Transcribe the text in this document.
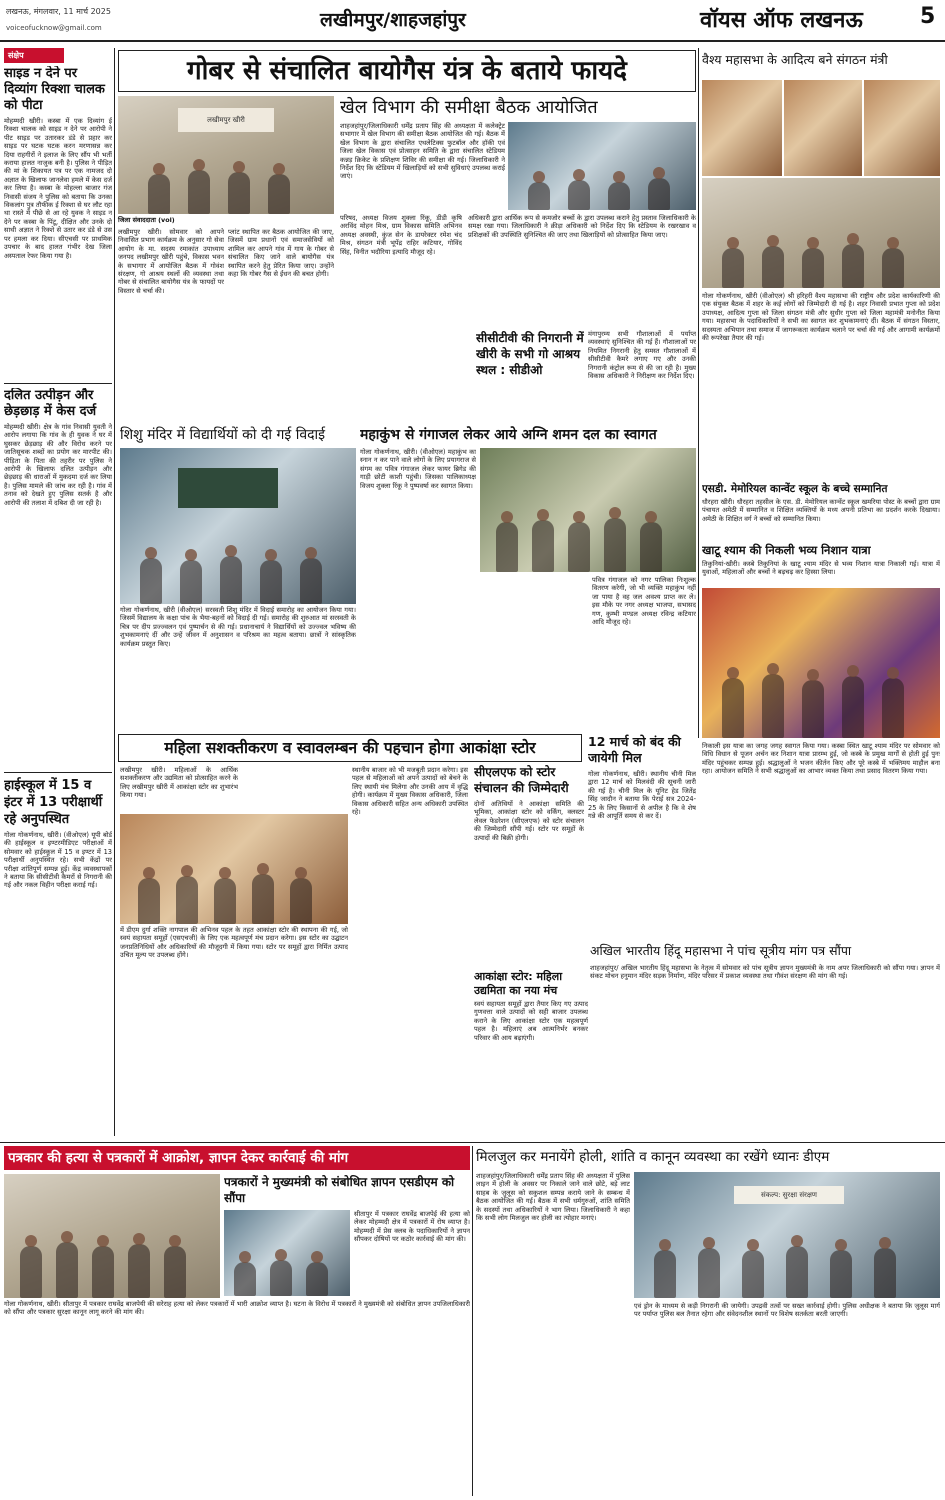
लखनऊ, मंगलवार, 11 मार्च 2025
voiceofucknow@gmail.com	लखीमपुर/शाहजहांपुर	वॉयस ऑफ लखनऊ	5
संक्षेप
साइड न देने पर दिव्यांग रिक्शा चालक को पीटा
मोहम्मदी खीरी। कस्बा में एक दिव्यांग ई रिक्शा चालक को साइड न देने पर आरोपी ने पीट साइड पर उतारकर डंडे से प्रहार कर साइड पर घटक घटक करन मरणासन्न कर दिया राहगीरों ने इलाज के लिए सौंप भी भर्ती कराया हालत नाजुक बनी है। पुलिस ने पीड़ित की मां के शिकायत पत्र पर एक नामजद दो अज्ञात के खिलाफ जानलेवा हमले में केस दर्ज कर लिया है। कस्बा के मोहल्ला बाजार गंज निवासी संजय ने पुलिस को बताया कि उनका विकलांग पुत्र तौफीक ई रिक्शा से घर लौट रहा था रास्ते में पीछे से आ रहे युवक ने साइड न देने पर कस्बा के पिंटू, दीक्षित और उनके दो साथी अज्ञात ने रिक्शे से उतार कर डंडे से उस पर हमला कर दिया। सीएचसी पर प्राथमिक उपचार के बाद हालत गंभीर देख जिला अस्पताल रेफर किया गया है।
दलित उत्पीड़न और छेड़छाड़ में केस दर्ज
मोहम्मदी खीरी। क्षेत्र के गांव निवासी युवती ने आरोप लगाया कि गांव के ही युवक ने घर में घुसकर छेड़छाड़ की और विरोध करने पर जातिसूचक शब्दों का प्रयोग कर मारपीट की। पीड़िता के पिता की तहरीर पर पुलिस ने आरोपी के खिलाफ दलित उत्पीड़न और छेड़छाड़ की धाराओं में मुकदमा दर्ज कर लिया है। पुलिस मामले की जांच कर रही है। गांव में तनाव को देखते हुए पुलिस सतर्क है और आरोपी की तलाश में दबिश दी जा रही है।
हाईस्कूल में 15 व इंटर में 13 परीक्षार्थी रहे अनुपस्थित
गोला गोकर्णनाथ, खीरी। (वीओएल) यूपी बोर्ड की हाईस्कूल व इण्टरमीडिएट परीक्षाओं में सोमवार को हाईस्कूल में 15 व इण्टर में 13 परीक्षार्थी अनुपस्थित रहे। सभी केंद्रों पर परीक्षा शांतिपूर्ण सम्पन्न हुई। केंद्र व्यवस्थापकों ने बताया कि सीसीटीवी कैमरों से निगरानी की गई और नकल विहीन परीक्षा कराई गई।
गोबर से संचालित बायोगैस यंत्र के बताये फायदे
लखीमपुर खीरी
जिला संवाददाता (vol)
लखीमपुर खीरी। सोमवार को आपने निवासित प्रभाग कार्यक्रम के अनुसार गो सेवा आयोग के मा. सदस्य रमाकांत उपाध्याय जनपद लखीमपुर खीरी पहुंचे, विकास भवन के सभागार में आयोजित बैठक में गोवंश संरक्षण, गो आश्रय स्थलों की व्यवस्था तथा गोबर से संचालित बायोगैस यंत्र के फायदों पर विस्तार से चर्चा की।
प्लांट स्थापित कर बैठक आयोजित की जाए, जिसमें ग्राम प्रधानों एवं समाजसेवियों को शामिल कर आपने गांव में गाय के गोबर से संचालित किए जाने वाले बायोगैस यंत्र स्थापित करने हेतु प्रेरित किया जाए। उन्होंने कहा कि गोबर गैस से ईंधन की बचत होगी।
खेल विभाग की समीक्षा बैठक आयोजित
शाहजहांपुर/जिलाधिकारी धर्मेंद्र प्रताप सिंह की अध्यक्षता में कलेक्ट्रेट सभागार में खेल विभाग की समीक्षा बैठक आयोजित की गई। बैठक में खेल विभाग के द्वारा संचालित एथलेटिक्स फुटबॉल और हॉकी एवं जिला खेल विकास एवं प्रोत्साहन समिति के द्वारा संचालित स्टेडियम कन्नड़ क्रिकेट के प्रशिक्षण शिविर की समीक्षा की गई। जिलाधिकारी ने निर्देश दिए कि स्टेडियम में खिलाड़ियों को सभी सुविधाएं उपलब्ध कराई जाएं।
परिषद, अध्यक्ष विजय शुक्ला रिंकू, डीडी कृषि अरविंद मोहन मिश्र, ग्राम विकास समिति अभिनव अध्यक्ष अवस्थी, कुंज सेन के डायरेक्टर रमेश चंद मिश्र, संगठन मंत्री भूपेंद्र राहिर कटियार, गोविंद सिंह, विनीत भदौरिया इत्यादि मौजूद रहे।
अधिकारी द्वारा आर्थिक रूप से कमजोर बच्चों के द्वारा उपलब्ध कराने हेतु प्रस्ताव जिलाधिकारी के समक्ष रखा गया। जिलाधिकारी ने क्रीड़ा अधिकारी को निर्देश दिए कि स्टेडियम के रखरखाव व प्रशिक्षकों की उपस्थिति सुनिश्चित की जाए तथा खिलाड़ियों को प्रोत्साहित किया जाए।
सीसीटीवी की निगरानी में खीरी के सभी गो आश्रय स्थल : सीडीओ
मंगापुरम्य सभी गौशालाओं में पर्याप्त व्यवस्थाएं सुनिश्चित की गई हैं। गौशालाओं पर नियमित निगरानी हेतु समस्त गौशालाओं में सीसीटीवी कैमरे लगाए गए और उनकी निगरानी कंट्रोल रूम से की जा रही है। मुख्य विकास अधिकारी ने निरीक्षण कर निर्देश दिए।
वैश्य महासभा के आदित्य बने संगठन मंत्री
गोला गोकर्णनाथ, खीरी (वीओएल) श्री हरिहरी वैश्य महासभा की राष्ट्रीय और प्रदेश कार्यकारिणी की एक संयुक्त बैठक में शहर के कई लोगों को जिम्मेदारी दी गई है। शहर निवासी प्रभात गुप्ता को प्रदेश उपाध्यक्ष, आदित्य गुप्ता को जिला संगठन मंत्री और सुधीर गुप्ता को जिला महामंत्री मनोनीत किया गया। महासभा के पदाधिकारियों ने सभी का स्वागत कर शुभकामनाएं दीं। बैठक में संगठन विस्तार, सदस्यता अभियान तथा समाज में जागरूकता कार्यक्रम चलाने पर चर्चा की गई और आगामी कार्यक्रमों की रूपरेखा तैयार की गई।
एसडी. मेमोरियल कान्वेंट स्कूल के बच्चे सम्मानित
धौरहरा खीरी। धौरहरा तहसील के एस. डी. मेमोरियल कान्वेंट स्कूल खमरिया पोस्ट के बच्चों द्वारा ग्राम पंचायत अमेठी में सम्मानित व शिक्षित व्यक्तियों के मध्य अपनी प्रतिभा का प्रदर्शन करके दिखाया। अमेठी के शिक्षित वर्ग ने बच्चों को सम्मानित किया।
खाटू श्याम की निकली भव्य निशान यात्रा
तिकुनियां-खीरी। कस्बे तिकुनियां के खाटू श्याम मंदिर से भव्य निशान यात्रा निकाली गई। यात्रा में युवाओं, महिलाओं और बच्चों ने बढ़चढ़ कर हिस्सा लिया।
शिशु मंदिर में विद्यार्थियों को दी गई विदाई
गोला गोकर्णनाथ, खीरी (वीओएल) सरस्वती शिशु मंदिर में विदाई समारोह का आयोजन किया गया। जिसमें विद्यालय के कक्षा पांच के भैया-बहनों को विदाई दी गई। समारोह की शुरुआत मां सरस्वती के चित्र पर दीप प्रज्ज्वलन एवं पुष्पार्चन से की गई। प्रधानाचार्य ने विद्यार्थियों को उज्ज्वल भविष्य की शुभकामनाएं दीं और उन्हें जीवन में अनुशासन व परिश्रम का महत्व बताया। छात्रों ने सांस्कृतिक कार्यक्रम प्रस्तुत किए।
महाकुंभ से गंगाजल लेकर आये अग्नि शमन दल का स्वागत
गोला गोकर्णनाथ, खीरी। (वीओएल) महाकुंभ का स्नान न कर पाने वाले लोगों के लिए प्रयागराज से संगम का पवित्र गंगाजल लेकर फायर ब्रिगेड की गाड़ी छोटी काशी पहुंची। जिसका पालिकाध्यक्ष विजय शुक्ला रिंकू ने पुष्पवर्षा कर स्वागत किया।
पवित्र गंगाजल को नगर पालिका निःशुल्क वितरण करेगी, जो भी व्यक्ति महाकुंभ नहीं जा पाया है वह जल अवश्य प्राप्त कर ले। इस मौके पर नगर अध्यक्ष भाजपा, सभासद गण, कुम्भी मण्डल अध्यक्ष रविन्द्र कटियार आदि मौजूद रहे।
निकाली इस यात्रा का जगह जगह स्वागत किया गया। कस्बा स्थित खाटू श्याम मंदिर पर सोमवार को विधि विधान से पूजन अर्चन कर निशान यात्रा प्रारम्भ हुई, जो कस्बे के प्रमुख मार्गों से होती हुई पुनः मंदिर पहुंचकर सम्पन्न हुई। श्रद्धालुओं ने भजन कीर्तन किए और पूरे कस्बे में भक्तिमय माहौल बना रहा। आयोजन समिति ने सभी श्रद्धालुओं का आभार व्यक्त किया तथा प्रसाद वितरण किया गया।
महिला सशक्तीकरण व स्वावलम्बन की पहचान होगा आकांक्षा स्टोर
लखीमपुर खीरी। महिलाओं के आर्थिक सशक्तीकरण और उद्यमिता को प्रोत्साहित करने के लिए लखीमपुर खीरी में आकांक्षा स्टोर का शुभारंभ किया गया।
में डीएम दुर्गा शक्ति नागपाल की अभिनव पहल के तहत आकांक्षा स्टोर की स्थापना की गई, जो स्वयं सहायता समूहों (एसएचजी) के लिए एक महत्वपूर्ण मंच प्रदान करेगा। इस स्टोर का उद्घाटन जनप्रतिनिधियों और अधिकारियों की मौजूदगी में किया गया। स्टोर पर समूहों द्वारा निर्मित उत्पाद उचित मूल्य पर उपलब्ध होंगे।
स्थानीय बाजार को भी मजबूती प्रदान करेगा। इस पहल से महिलाओं को अपने उत्पादों को बेचने के लिए स्थायी मंच मिलेगा और उनकी आय में वृद्धि होगी। कार्यक्रम में मुख्य विकास अधिकारी, जिला विकास अधिकारी सहित अन्य अधिकारी उपस्थित रहे।
12 मार्च को बंद की जायेगी मिल
गोला गोकर्णनाथ, खीरी। स्थानीय चीनी मिल द्वारा 12 मार्च को मिलवंदी की सूचनी जारी की गई है। चीनी मिल के यूनिट हेड जितेंद्र सिंह जादौन ने बताया कि पेराई सत्र 2024-25 के लिए किसानों से अपील है कि वे शेष गन्ने की आपूर्ति समय से कर दें।
सीएलएफ को स्टोर संचालन की जिम्मेदारी
दोनों अतिथियों ने आकांक्षा समिति की भूमिका, आकांक्षा स्टोर को वर्किंग, क्लस्टर लेवल फेडरेशन (सीएलएफ) को स्टोर संचालन की जिम्मेदारी सौंपी गई। स्टोर पर समूहों के उत्पादों की बिक्री होगी।
आकांक्षा स्टोर: महिला उद्यमिता का नया मंच
स्वयं सहायता समूहों द्वारा तैयार किए गए उत्पाद गुणवत्ता वाले उत्पादों को सही बाजार उपलब्ध कराने के लिए आकांक्षा स्टोर एक महत्वपूर्ण पहल है। महिलाएं अब आत्मनिर्भर बनकर परिवार की आय बढ़ाएंगी।
अखिल भारतीय हिंदू महासभा ने पांच सूत्रीय मांग पत्र सौंपा
शाहजहांपुर/ अखिल भारतीय हिंदू महासभा के नेतृत्व में सोमवार को पांच सूत्रीय ज्ञापन मुख्यमंत्री के नाम अपर जिलाधिकारी को सौंपा गया। ज्ञापन में संकट मोचन हनुमान मंदिर सड़क निर्माण, मंदिर परिसर में प्रकाश व्यवस्था तथा गौवंश संरक्षण की मांग की गई।
पत्रकार की हत्या से पत्रकारों में आक्रोश, ज्ञापन देकर कार्रवाई की मांग
पत्रकारों ने मुख्यमंत्री को संबोधित ज्ञापन एसडीएम को सौंपा
सीतापुर में पत्रकार राघवेंद्र बाजपेई की हत्या को लेकर मोहम्मदी क्षेत्र में पत्रकारों में रोष व्याप्त है। मोहम्मदी में प्रेस क्लब के पदाधिकारियों ने ज्ञापन सौंपकर दोषियों पर कठोर कार्रवाई की मांग की।
गोला गोकर्णनाथ, खीरी। सीतापुर में पत्रकार राघवेंद्र बाजपेयी की सरेराह हत्या को लेकर पत्रकारों में भारी आक्रोश व्याप्त है। घटना के विरोध में पत्रकारों ने मुख्यमंत्री को संबोधित ज्ञापन उपजिलाधिकारी को सौंपा और पत्रकार सुरक्षा कानून लागू करने की मांग की।
मिलजुल कर मनायेंगे होली, शांति व कानून व्यवस्था का रखेंगे ध्यानः डीएम
शाहजहांपुर/जिलाधिकारी धर्मेंद्र प्रताप सिंह की अध्यक्षता में पुलिस लाइन में होली के अवसर पर निकाले जाने वाले छोटे, बड़े लाट साहब के जुलूस को सकुशल सम्पन्न कराये जाने के सम्बन्ध में बैठक आयोजित की गई। बैठक में सभी धर्मगुरुओं, शांति समिति के सदस्यों तथा अधिकारियों ने भाग लिया। जिलाधिकारी ने कहा कि सभी लोग मिलजुल कर होली का त्योहार मनाएं।
संकल्प: सुरक्षा संरक्षण
एवं ड्रोन के माध्यम से कड़ी निगरानी की जायेगी। उपद्रवी तत्वों पर सख्त कार्रवाई होगी। पुलिस अधीक्षक ने बताया कि जुलूस मार्ग पर पर्याप्त पुलिस बल तैनात रहेगा और संवेदनशील स्थानों पर विशेष सतर्कता बरती जाएगी।
